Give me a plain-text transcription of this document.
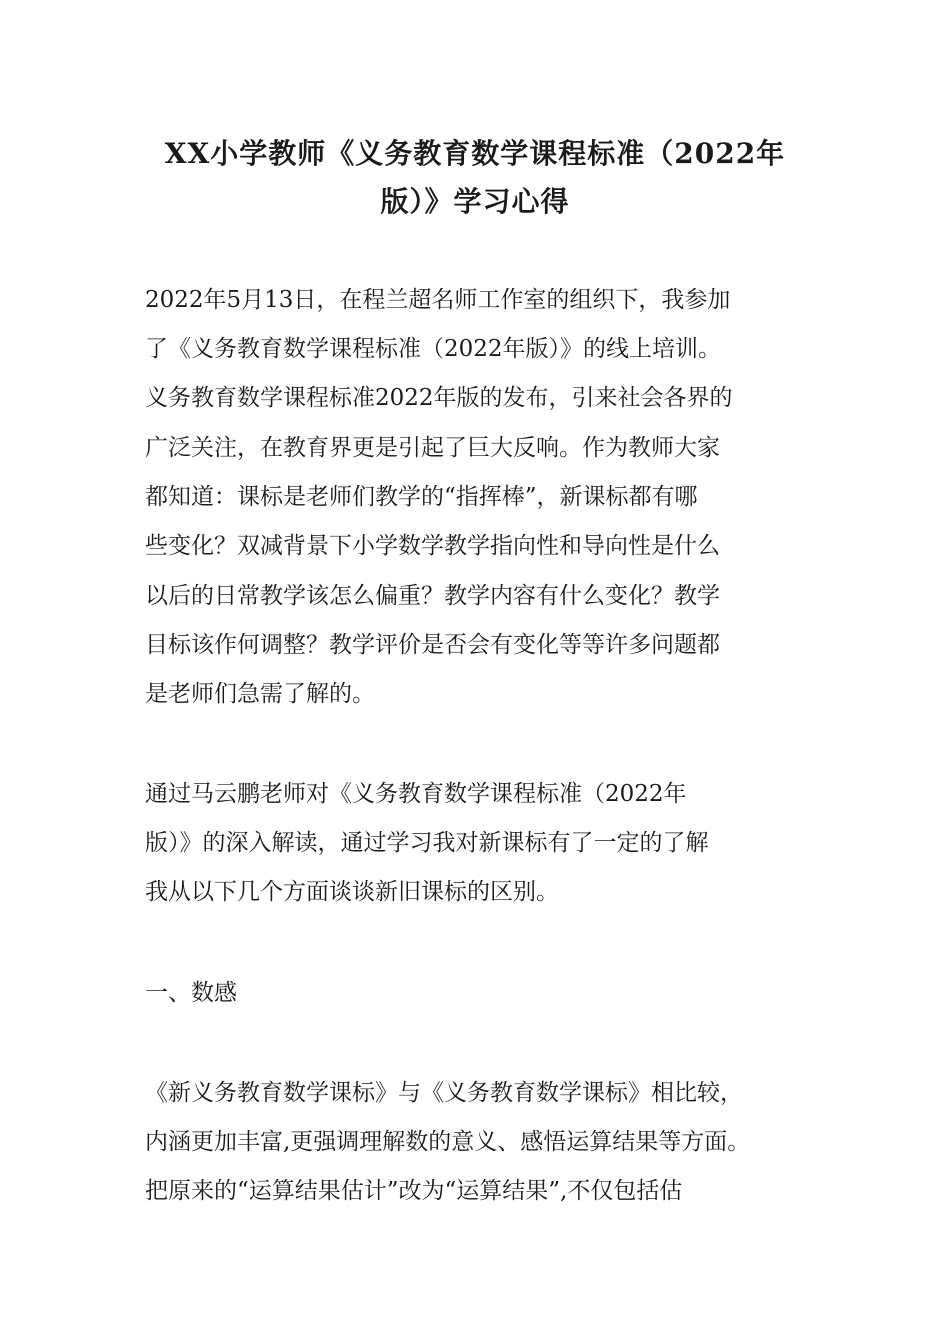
XX小学教师《义务教育数学课程标准（2022年
版）》学习心得

2022年5月13日，在程兰超名师工作室的组织下，我参加

了《义务教育数学课程标准（2022年版）》的线上培训。

义务教育数学课程标准2022年版的发布，引来社会各界的

广泛关注，在教育界更是引起了巨大反响。作为教师大家

都知道：课标是老师们教学的“指挥棒”，新课标都有哪

些变化？双减背景下小学数学教学指向性和导向性是什么

以后的日常教学该怎么偏重？教学内容有什么变化？教学

目标该作何调整？教学评价是否会有变化等等许多问题都

是老师们急需了解的。

通过马云鹏老师对《义务教育数学课程标准（2022年

版）》的深入解读，通过学习我对新课标有了一定的了解

我从以下几个方面谈谈新旧课标的区别。

一、数感

《新义务教育数学课标》与《义务教育数学课标》相比较，

内涵更加丰富,更强调理解数的意义、感悟运算结果等方面。

把原来的“运算结果估计”改为“运算结果”,不仅包括估
